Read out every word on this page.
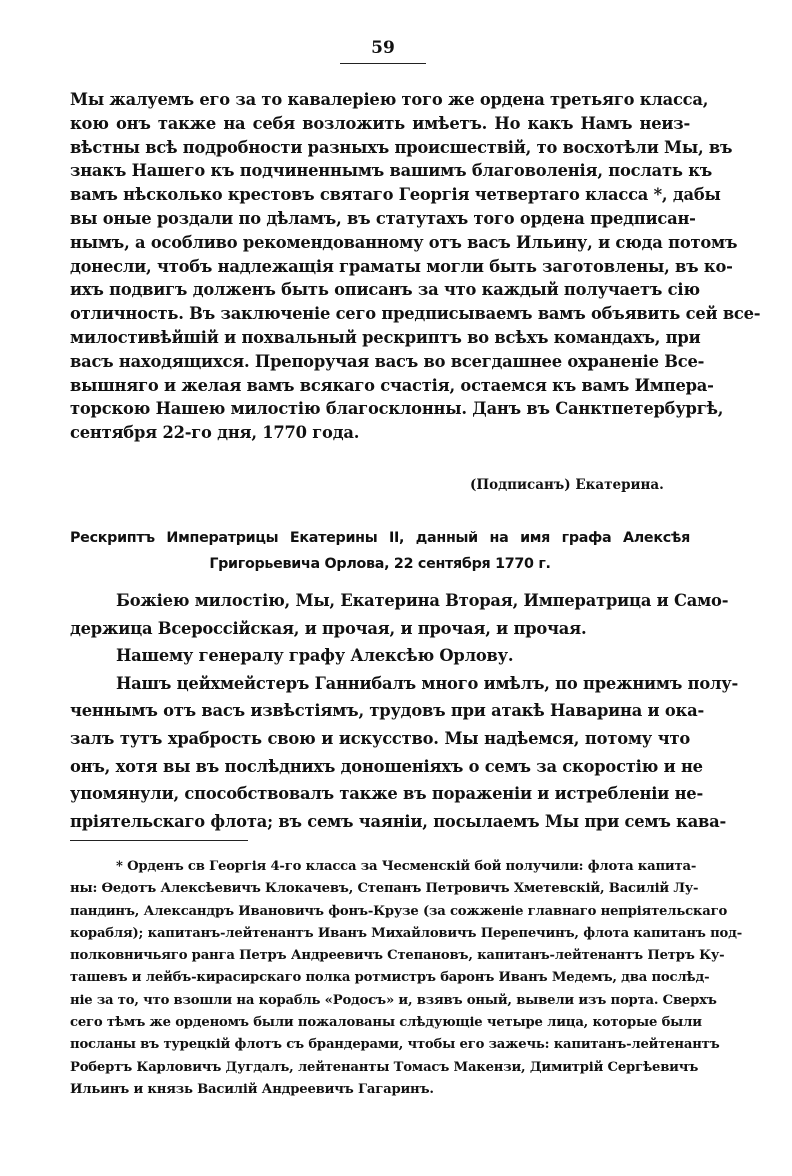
59
Мы жалуемъ его за то кавалеріею того же ордена третьяго класса,
кою онъ также на себя возложить имѣетъ. Но какъ Намъ неиз-
вѣстны всѣ подробности разныхъ происшествій, то восхотѣли Мы, въ
знакъ Нашего къ подчиненнымъ вашимъ благоволенія, послать къ
вамъ нѣсколько крестовъ святаго Георгія четвертаго класса *, дабы
вы оные роздали по дѣламъ, въ статутахъ того ордена предписан-
нымъ, а особливо рекомендованному отъ васъ Ильину, и сюда потомъ
донесли, чтобъ надлежащія граматы могли быть заготовлены, въ ко-
ихъ подвигъ долженъ быть описанъ за что каждый получаетъ сію
отличность. Въ заключеніе сего предписываемъ вамъ объявить сей все-
милостивѣйшій и похвальный рескриптъ во всѣхъ командахъ, при
васъ находящихся. Препоручая васъ во всегдашнее охраненіе Все-
вышняго и желая вамъ всякаго счастія, остаемся къ вамъ Импера-
торскою Нашею милостію благосклонны. Данъ въ Санктпетербургѣ,
сентября 22-го дня, 1770 года.
(Подписанъ) Екатерина.
Рескриптъ Императрицы Екатерины II, данный на имя графа Алексѣя
Григорьевича Орлова, 22 сентября 1770 г.
Божіею милостію, Мы, Екатерина Вторая, Императрица и Само-
держица Всероссійская, и прочая, и прочая, и прочая.
Нашему генералу графу Алексѣю Орлову.
Нашъ цейхмейстеръ Ганнибалъ много имѣлъ, по прежнимъ полу-
ченнымъ отъ васъ извѣстіямъ, трудовъ при атакѣ Наварина и ока-
залъ тутъ храбрость свою и искусство. Мы надѣемся, потому что
онъ, хотя вы въ послѣднихъ доношеніяхъ о семъ за скоростію и не
упомянули, способствовалъ также въ пораженіи и истребленіи не-
пріятельскаго флота; въ семъ чаяніи, посылаемъ Мы при семъ кава-
* Орденъ св Георгія 4-го класса за Чесменскій бой получили: флота капита-
ны: Өедотъ Алексѣевичъ Клокачевъ, Степанъ Петровичъ Хметевскій, Василій Лу-
пандинъ, Александръ Ивановичъ фонъ-Крузе (за сожженіе главнаго непріятельскаго
корабля); капитанъ-лейтенантъ Иванъ Михайловичъ Перепечинъ, флота капитанъ под-
полковничьяго ранга Петръ Андреевичъ Степановъ, капитанъ-лейтенантъ Петръ Ку-
ташевъ и лейбъ-кирасирскаго полка ротмистръ баронъ Иванъ Медемъ, два послѣд-
ніе за то, что взошли на корабль «Родосъ» и, взявъ оный, вывели изъ порта. Сверхъ
сего тѣмъ же орденомъ были пожалованы слѣдующіе четыре лица, которые были
посланы въ турецкій флотъ съ брандерами, чтобы его зажечь: капитанъ-лейтенантъ
Робертъ Карловичъ Дугдалъ, лейтенанты Томасъ Макензи, Димитрій Сергѣевичъ
Ильинъ и князь Василій Андреевичъ Гагаринъ.
